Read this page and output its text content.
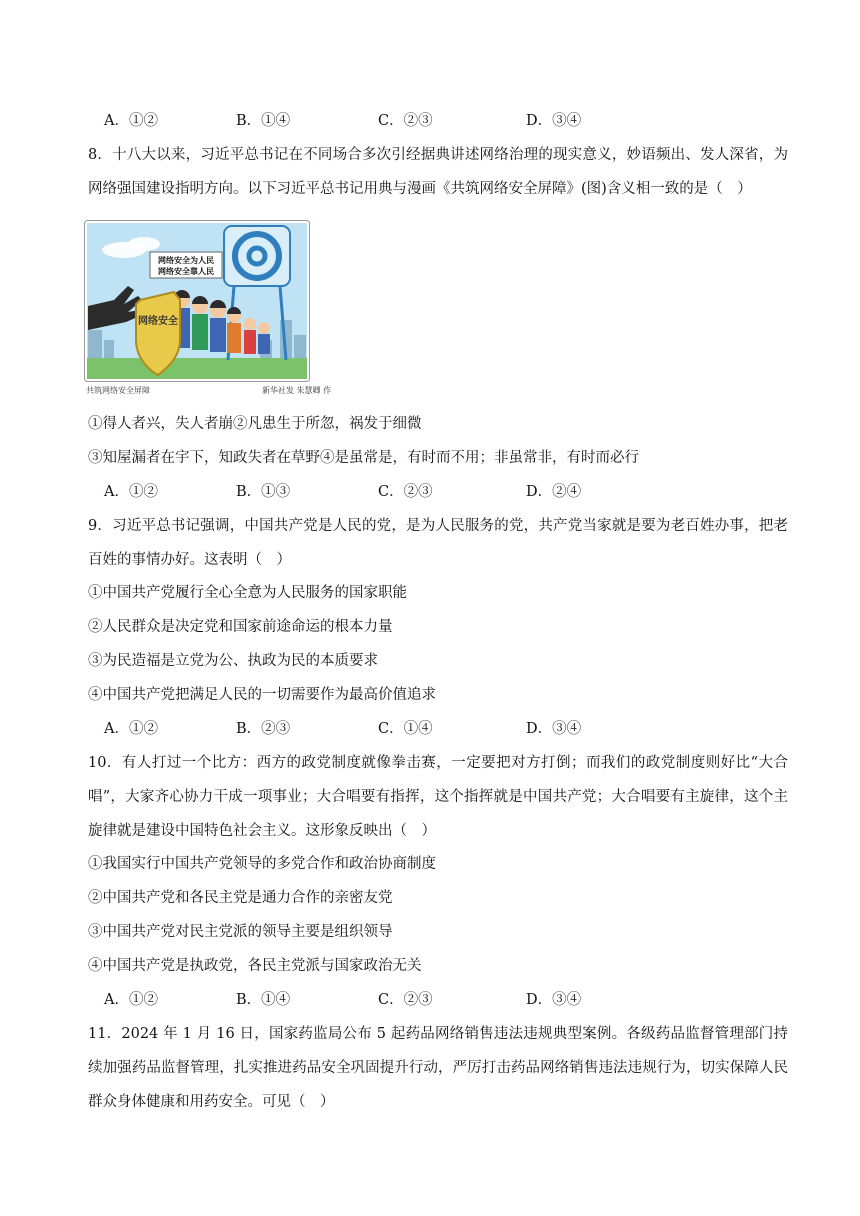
A．①②	B．①④	C．②③	D．③④
8．十八大以来，习近平总书记在不同场合多次引经据典讲述网络治理的现实意义，妙语频出、发人深省，为网络强国建设指明方向。以下习近平总书记用典与漫画《共筑网络安全屏障》(图)含义相一致的是（　）
网络安全为人民
网络安全靠人民
网络安全
共筑网络安全屏障	新华社发 朱慧卿 作
①得人者兴，失人者崩②凡患生于所忽，祸发于细微
③知屋漏者在宇下，知政失者在草野④是虽常是，有时而不用；非虽常非，有时而必行
A．①②	B．①③	C．②③	D．②④
9．习近平总书记强调，中国共产党是人民的党，是为人民服务的党，共产党当家就是要为老百姓办事，把老百姓的事情办好。这表明（　）
①中国共产党履行全心全意为人民服务的国家职能
②人民群众是决定党和国家前途命运的根本力量
③为民造福是立党为公、执政为民的本质要求
④中国共产党把满足人民的一切需要作为最高价值追求
A．①②	B．②③	C．①④	D．③④
10．有人打过一个比方：西方的政党制度就像拳击赛，一定要把对方打倒；而我们的政党制度则好比“大合唱”，大家齐心协力干成一项事业；大合唱要有指挥，这个指挥就是中国共产党；大合唱要有主旋律，这个主旋律就是建设中国特色社会主义。这形象反映出（　）
①我国实行中国共产党领导的多党合作和政治协商制度
②中国共产党和各民主党是通力合作的亲密友党
③中国共产党对民主党派的领导主要是组织领导
④中国共产党是执政党，各民主党派与国家政治无关
A．①②	B．①④	C．②③	D．③④
11．2024 年 1 月 16 日，国家药监局公布 5 起药品网络销售违法违规典型案例。各级药品监督管理部门持续加强药品监督管理，扎实推进药品安全巩固提升行动，严厉打击药品网络销售违法违规行为，切实保障人民群众身体健康和用药安全。可见（　）
